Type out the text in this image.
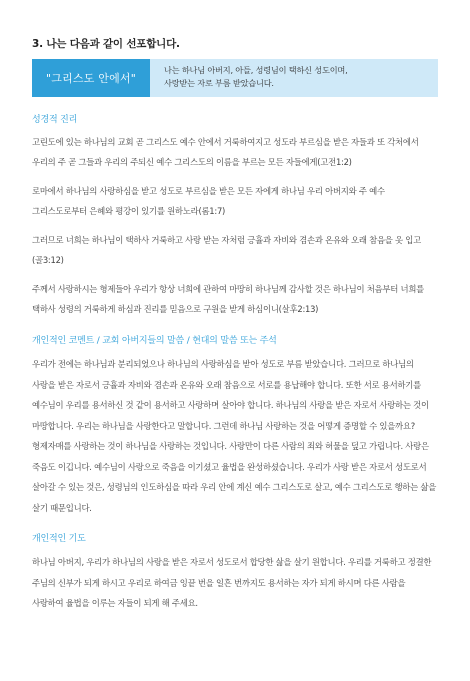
3. 나는 다음과 같이 선포합니다.
"그리스도 안에서"
나는 하나님 아버지, 아들, 성령님이 택하신 성도이며,
사랑받는 자로 부름 받았습니다.
성경적 진리

고린도에 있는 하나님의 교회 곧 그리스도 예수 안에서 거룩하여지고 성도라 부르심을 받은 자들과 또 각처에서 우리의 주 곧 그들과 우리의 주되신 예수 그리스도의 이름을 부르는 모든 자들에게(고전1:2)

로마에서 하나님의 사랑하심을 받고 성도로 부르심을 받은 모든 자에게 하나님 우리 아버지와 주 예수 그리스도로부터 은혜와 평강이 있기를 원하노라(롬1:7)

그러므로 너희는 하나님이 택하사 거룩하고 사랑 받는 자처럼 긍휼과 자비와 겸손과 온유와 오래 참음을 옷 입고(골3:12)

주께서 사랑하시는 형제들아 우리가 항상 너희에 관하여 마땅히 하나님께 감사할 것은 하나님이 처음부터 너희를 택하사 성령의 거룩하게 하심과 진리를 믿음으로 구원을 받게 하심이니(살후2:13)

개인적인 코멘트 / 교회 아버지들의 말씀 / 현대의 말씀 또는 주석

우리가 전에는 하나님과 분리되었으나 하나님의 사랑하심을 받아 성도로 부름 받았습니다. 그러므로 하나님의 사랑을 받은 자로서 긍휼과 자비와 겸손과 온유와 오래 참음으로 서로를 용납해야 합니다. 또한 서로 용서하기를 예수님이 우리를 용서하신 것 같이 용서하고 사랑하며 살아야 합니다. 하나님의 사랑을 받은 자로서 사랑하는 것이 마땅합니다. 우리는 하나님을 사랑한다고 말합니다. 그런데 하나님 사랑하는 것을 어떻게 증명할 수 있을까요? 형제자매를 사랑하는 것이 하나님을 사랑하는 것입니다. 사랑만이 다른 사람의 죄와 허물을 덮고 가립니다. 사랑은 죽음도 이깁니다. 예수님이 사랑으로 죽음을 이기셨고 율법을 완성하셨습니다. 우리가 사랑 받은 자로서 성도로서 살아갈 수 있는 것은, 성령님의 인도하심을 따라 우리 안에 계신 예수 그리스도로 살고, 예수 그리스도로 행하는 삶을 살기 때문입니다.

개인적인 기도

하나님 아버지, 우리가 하나님의 사랑을 받은 자로서 성도로서 합당한 삶을 살기 원합니다. 우리를 거룩하고 정결한 주님의 신부가 되게 하시고 우리로 하여금 잉끝 번을 일흔 번까지도 용서하는 자가 되게 하시며 다른 사람을 사랑하여 율법을 이루는 자들이 되게 해 주세요.
